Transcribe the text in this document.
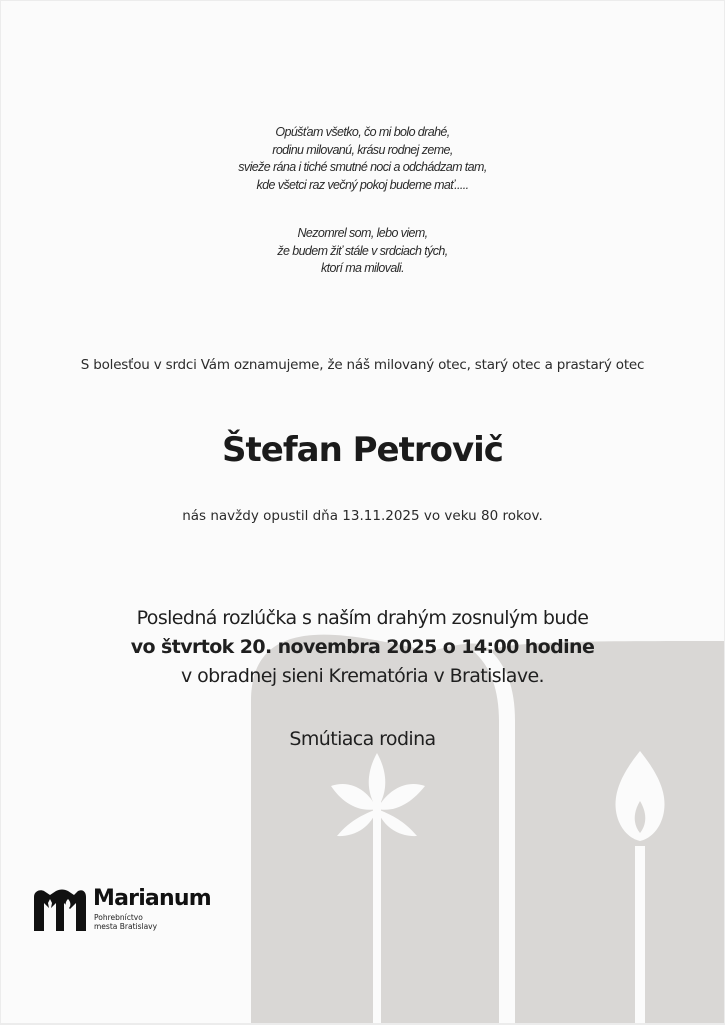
Opúšťam všetko, čo mi bolo drahé,
rodinu milovanú, krásu rodnej zeme,
svieže rána i tiché smutné noci a odchádzam tam,
kde všetci raz večný pokoj budeme mať.....
Nezomrel som, lebo viem,
že budem žiť stále v srdciach tých,
ktorí ma milovali.
S bolesťou v srdci Vám oznamujeme, že náš milovaný otec, starý otec a prastarý otec
Štefan Petrovič
nás navždy opustil dňa 13.11.2025 vo veku 80 rokov.
Posledná rozlúčka s naším drahým zosnulým bude
vo štvrtok 20. novembra 2025 o 14:00 hodine
v obradnej sieni Krematória v Bratislave.
Smútiaca rodina
Marianum
Pohrebníctvo
mesta Bratislavy
